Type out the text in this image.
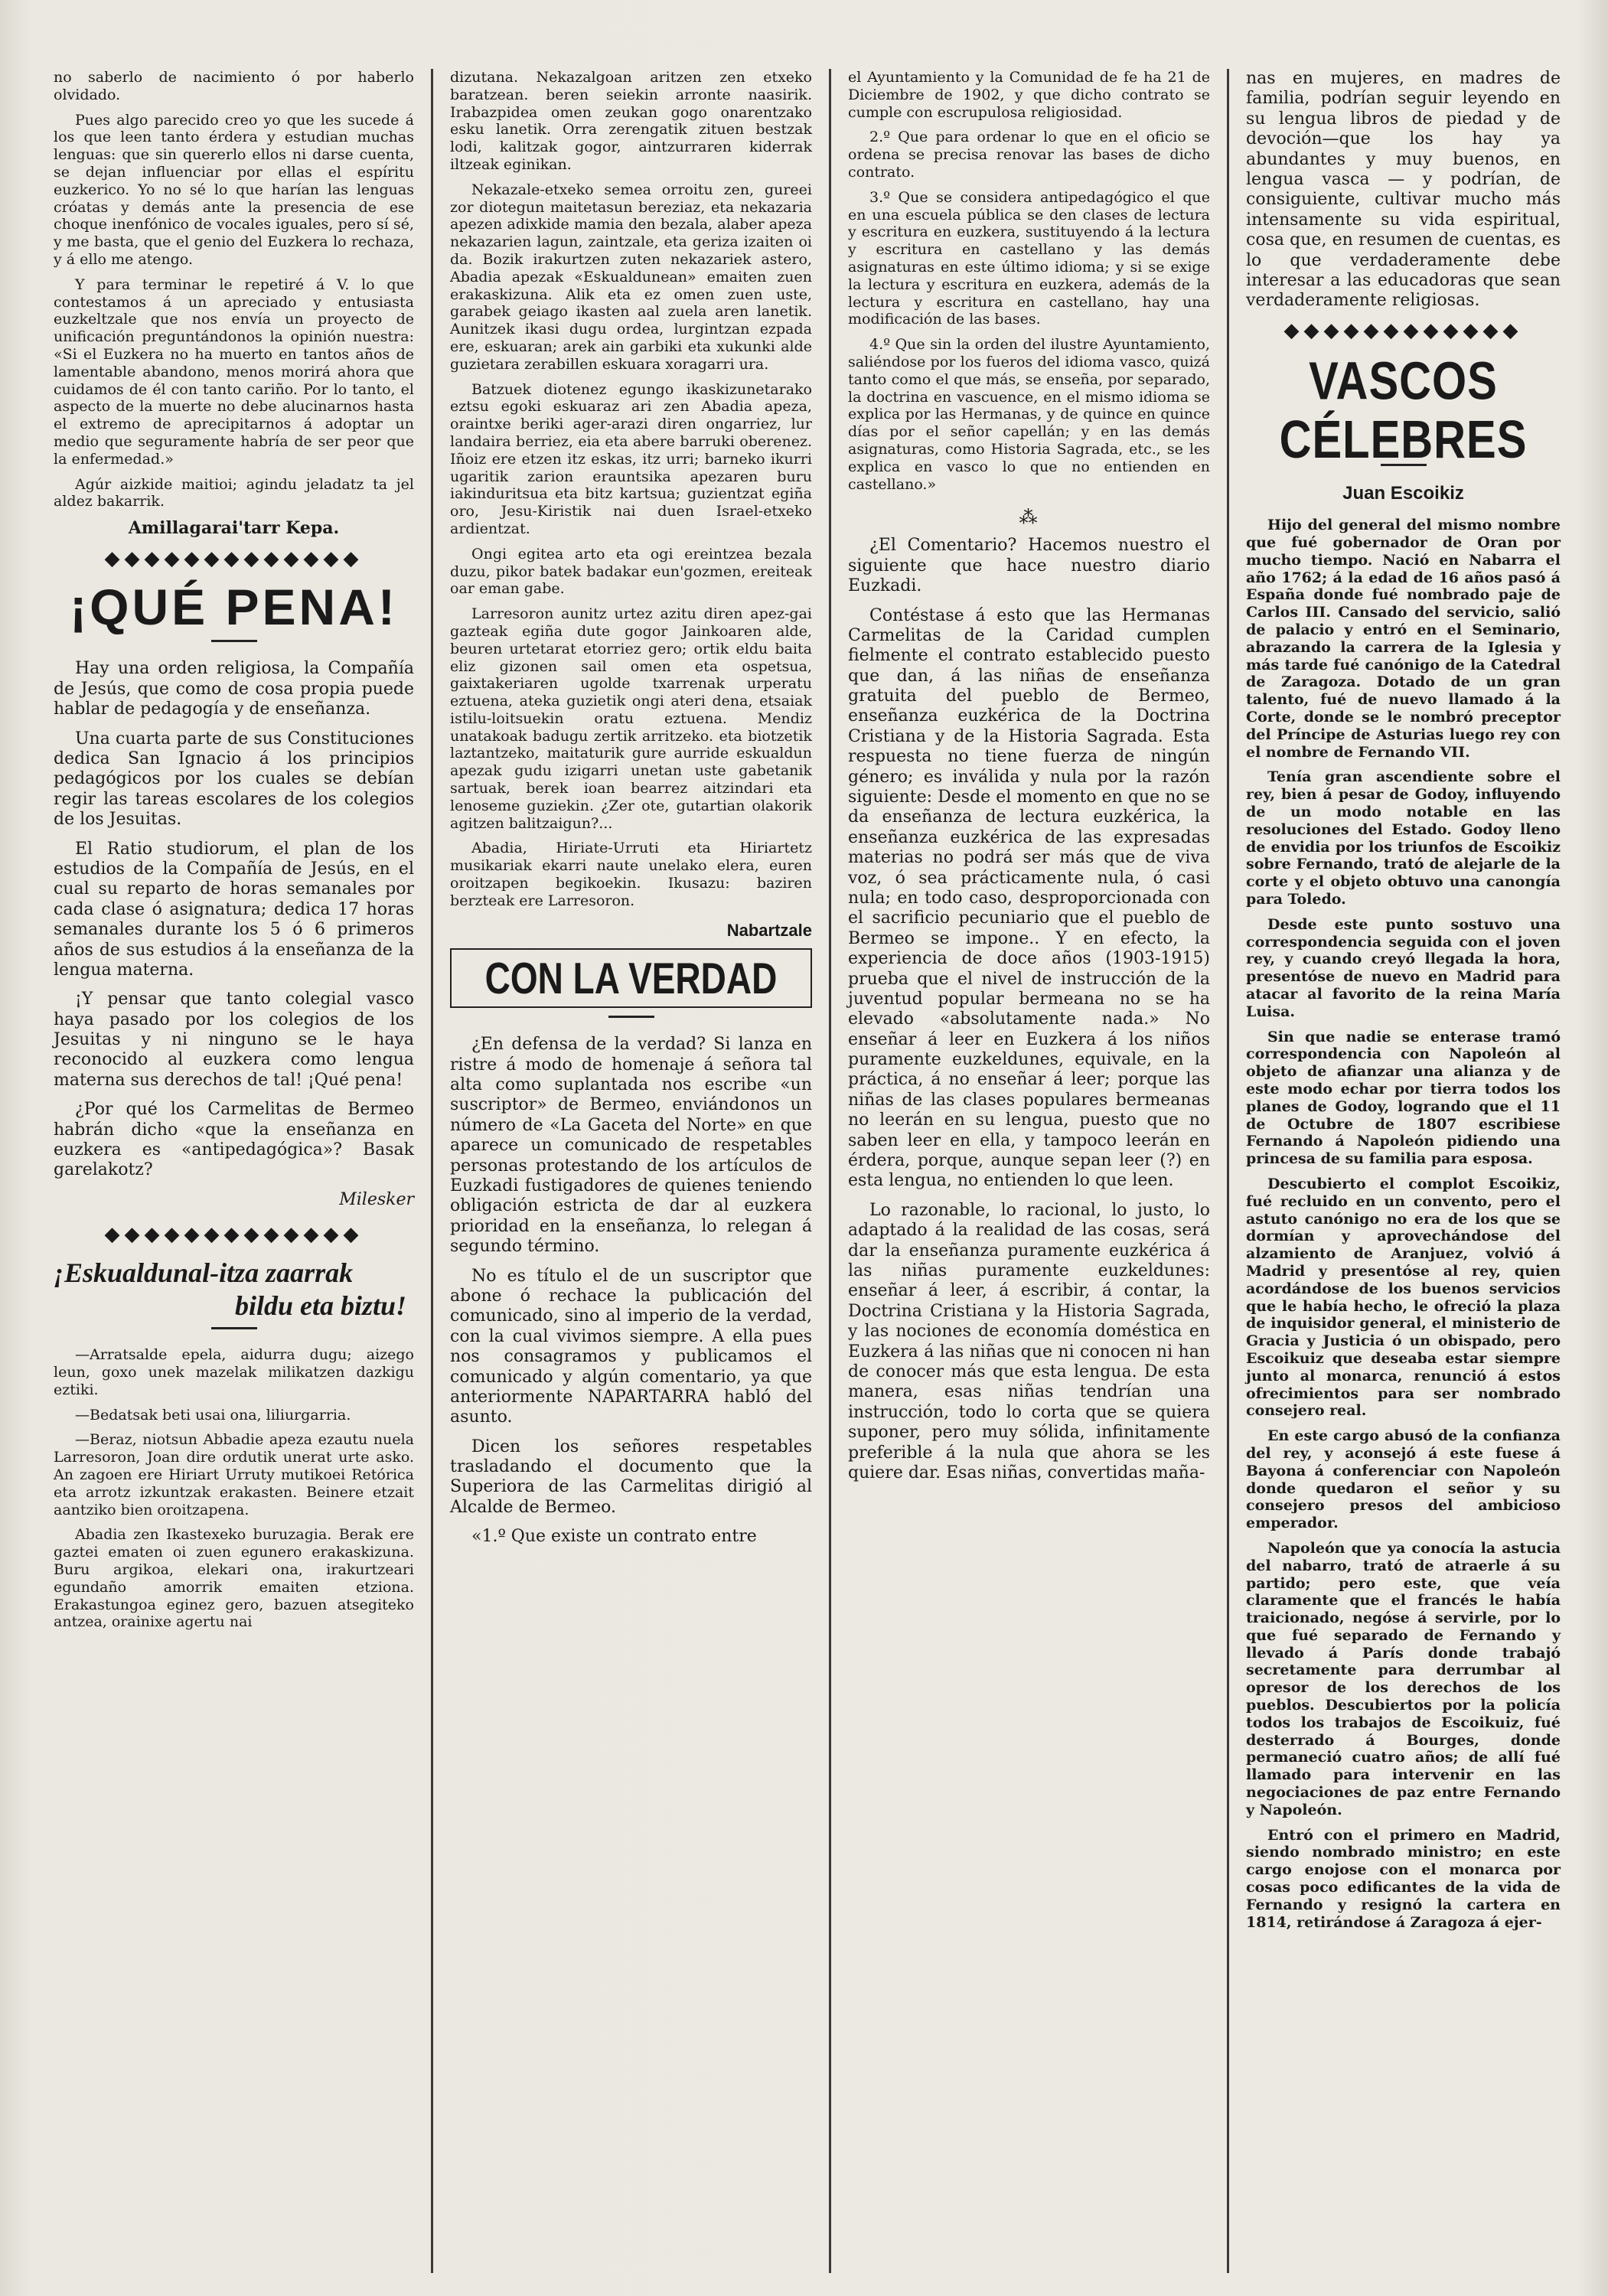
no saberlo de nacimiento ó por haberlo olvidado.

Pues algo parecido creo yo que les sucede á los que leen tanto érdera y estudian muchas lenguas: que sin quererlo ellos ni darse cuenta, se dejan influenciar por ellas el espíritu euzkerico. Yo no sé lo que harían las lenguas cróatas y demás ante la presencia de ese choque inenfónico de vocales iguales, pero sí sé, y me basta, que el genio del Euzkera lo rechaza, y á ello me atengo.

Y para terminar le repetiré á V. lo que contestamos á un apreciado y entusiasta euzkeltzale que nos envía un proyecto de unificación preguntándonos la opinión nuestra: «Si el Euzkera no ha muerto en tantos años de lamentable abandono, menos morirá ahora que cuidamos de él con tanto cariño. Por lo tanto, el aspecto de la muerte no debe alucinarnos hasta el extremo de aprecipitarnos á adoptar un medio que seguramente habría de ser peor que la enfermedad.»

Agúr aizkide maitioi; agindu jeladatz ta jel aldez bakarrik.

Amillagarai'tarr Kepa.
◆◆◆◆◆◆◆◆◆◆◆◆◆
¡QUÉ PENA!

Hay una orden religiosa, la Compañía de Jesús, que como de cosa propia puede hablar de pedagogía y de enseñanza.

Una cuarta parte de sus Constituciones dedica San Ignacio á los principios pedagógicos por los cuales se debían regir las tareas escolares de los colegios de los Jesuitas.

El Ratio studiorum, el plan de los estudios de la Compañía de Jesús, en el cual su reparto de horas semanales por cada clase ó asignatura; dedica 17 horas semanales durante los 5 ó 6 primeros años de sus estudios á la enseñanza de la lengua materna.

¡Y pensar que tanto colegial vasco haya pasado por los colegios de los Jesuitas y ni ninguno se le haya reconocido al euzkera como lengua materna sus derechos de tal! ¡Qué pena!

¿Por qué los Carmelitas de Bermeo habrán dicho «que la enseñanza en euzkera es «antipedagógica»? Basak garelakotz?

Milesker
◆◆◆◆◆◆◆◆◆◆◆◆◆
¡Eskualdunal-itza zaarrak
bildu eta biztu!

—Arratsalde epela, aidurra dugu; aizego leun, goxo unek mazelak milikatzen dazkigu eztiki.

—Bedatsak beti usai ona, liliurgarria.

—Beraz, niotsun Abbadie apeza ezautu nuela Larresoron, Joan dire ordutik unerat urte asko. An zagoen ere Hiriart Urruty mutikoei Retórica eta arrotz izkuntzak erakasten. Beinere etzait aantziko bien oroitzapena.

Abadia zen Ikastexeko buruzagia. Berak ere gaztei ematen oi zuen egunero erakaskizuna. Buru argikoa, elekari ona, irakurtzeari egundaño amorrik emaiten etziona. Erakastungoa eginez gero, bazuen atsegiteko antzea, orainixe agertu nai

dizutana. Nekazalgoan aritzen zen etxeko baratzean. beren seiekin arronte naasirik. Irabazpidea omen zeukan gogo onarentzako esku lanetik. Orra zerengatik zituen bestzak lodi, kalitzak gogor, aintzurraren kiderrak iltzeak eginikan.

Nekazale-etxeko semea orroitu zen, gureei zor diotegun maitetasun bereziaz, eta nekazaria apezen adixkide mamia den bezala, alaber apeza nekazarien lagun, zaintzale, eta geriza izaiten oi da. Bozik irakurtzen zuten nekazariek astero, Abadia apezak «Eskualdunean» emaiten zuen erakaskizuna. Alik eta ez omen zuen uste, garabek geiago ikasten aal zuela aren lanetik. Aunitzek ikasi dugu ordea, lurgintzan ezpada ere, eskuaran; arek ain garbiki eta xukunki alde guzietara zerabillen eskuara xoragarri ura.

Batzuek diotenez egungo ikaskizunetarako eztsu egoki eskuaraz ari zen Abadia apeza, oraintxe beriki ager-arazi diren ongarriez, lur landaira berriez, eia eta abere barruki oberenez. Iñoiz ere etzen itz eskas, itz urri; barneko ikurri ugaritik zarion erauntsika apezaren buru iakinduritsua eta bitz kartsua; guzientzat egiña oro, Jesu-Kiristik nai duen Israel-etxeko ardientzat.

Ongi egitea arto eta ogi ereintzea bezala duzu, pikor batek badakar eun'gozmen, ereiteak oar eman gabe.

Larresoron aunitz urtez azitu diren apez-gai gazteak egiña dute gogor Jainkoaren alde, beuren urtetarat etorriez gero; ortik eldu baita eliz gizonen sail omen eta ospetsua, gaixtakeriaren ugolde txarrenak urperatu eztuena, ateka guzietik ongi ateri dena, etsaiak istilu-loitsuekin oratu eztuena. Mendiz unatakoak badugu zertik arritzeko. eta biotzetik laztantzeko, maitaturik gure aurride eskualdun apezak gudu izigarri unetan uste gabetanik sartuak, berek ioan bearrez aitzindari eta lenoseme guziekin. ¿Zer ote, gutartian olakorik agitzen balitzaigun?...

Abadia, Hiriate-Urruti eta Hiriartetz musikariak ekarri naute unelako elera, euren oroitzapen begikoekin. Ikusazu: baziren berzteak ere Larresoron.

Nabartzale
CON LA VERDAD

¿En defensa de la verdad? Si lanza en ristre á modo de homenaje á señora tal alta como suplantada nos escribe «un suscriptor» de Bermeo, enviándonos un número de «La Gaceta del Norte» en que aparece un comunicado de respetables personas protestando de los artículos de Euzkadi fustigadores de quienes teniendo obligación estricta de dar al euzkera prioridad en la enseñanza, lo relegan á segundo término.

No es título el de un suscriptor que abone ó rechace la publicación del comunicado, sino al imperio de la verdad, con la cual vivimos siempre. A ella pues nos consagramos y publicamos el comunicado y algún comentario, ya que anteriormente NAPARTARRA habló del asunto.

Dicen los señores respetables trasladando el documento que la Superiora de las Carmelitas dirigió al Alcalde de Bermeo.

«1.º Que existe un contrato entre

el Ayuntamiento y la Comunidad de fe ha 21 de Diciembre de 1902, y que dicho contrato se cumple con escrupulosa religiosidad.

2.º Que para ordenar lo que en el oficio se ordena se precisa renovar las bases de dicho contrato.

3.º Que se considera antipedagógico el que en una escuela pública se den clases de lectura y escritura en euzkera, sustituyendo á la lectura y escritura en castellano y las demás asignaturas en este último idioma; y si se exige la lectura y escritura en euzkera, además de la lectura y escritura en castellano, hay una modificación de las bases.

4.º Que sin la orden del ilustre Ayuntamiento, saliéndose por los fueros del idioma vasco, quizá tanto como el que más, se enseña, por separado, la doctrina en vascuence, en el mismo idioma se explica por las Hermanas, y de quince en quince días por el señor capellán; y en las demás asignaturas, como Historia Sagrada, etc., se les explica en vasco lo que no entienden en castellano.»

⁂

¿El Comentario? Hacemos nuestro el siguiente que hace nuestro diario Euzkadi.

Contéstase á esto que las Hermanas Carmelitas de la Caridad cumplen fielmente el contrato establecido puesto que dan, á las niñas de enseñanza gratuita del pueblo de Bermeo, enseñanza euzkérica de la Doctrina Cristiana y de la Historia Sagrada. Esta respuesta no tiene fuerza de ningún género; es inválida y nula por la razón siguiente: Desde el momento en que no se da enseñanza de lectura euzkérica, la enseñanza euzkérica de las expresadas materias no podrá ser más que de viva voz, ó sea prácticamente nula, ó casi nula; en todo caso, desproporcionada con el sacrificio pecuniario que el pueblo de Bermeo se impone.. Y en efecto, la experiencia de doce años (1903-1915) prueba que el nivel de instrucción de la juventud popular bermeana no se ha elevado «absolutamente nada.» No enseñar á leer en Euzkera á los niños puramente euzkeldunes, equivale, en la práctica, á no enseñar á leer; porque las niñas de las clases populares bermeanas no leerán en su lengua, puesto que no saben leer en ella, y tampoco leerán en érdera, porque, aunque sepan leer (?) en esta lengua, no entienden lo que leen.

Lo razonable, lo racional, lo justo, lo adaptado á la realidad de las cosas, será dar la enseñanza puramente euzkérica á las niñas puramente euzkeldunes: enseñar á leer, á escribir, á contar, la Doctrina Cristiana y la Historia Sagrada, y las nociones de economía doméstica en Euzkera á las niñas que ni conocen ni han de conocer más que esta lengua. De esta manera, esas niñas tendrían una instrucción, todo lo corta que se quiera suponer, pero muy sólida, infinitamente preferible á la nula que ahora se les quiere dar. Esas niñas, convertidas maña-

nas en mujeres, en madres de familia, podrían seguir leyendo en su lengua libros de piedad y de devoción—que los hay ya abundantes y muy buenos, en lengua vasca — y podrían, de consiguiente, cultivar mucho más intensamente su vida espiritual, cosa que, en resumen de cuentas, es lo que verdaderamente debe interesar a las educadoras que sean verdaderamente religiosas.

◆◆◆◆◆◆◆◆◆◆◆◆
VASCOS CÉLEBRES
Juan Escoikiz

Hijo del general del mismo nombre que fué gobernador de Oran por mucho tiempo. Nació en Nabarra el año 1762; á la edad de 16 años pasó á España donde fué nombrado paje de Carlos III. Cansado del servicio, salió de palacio y entró en el Seminario, abrazando la carrera de la Iglesia y más tarde fué canónigo de la Catedral de Zaragoza. Dotado de un gran talento, fué de nuevo llamado á la Corte, donde se le nombró preceptor del Príncipe de Asturias luego rey con el nombre de Fernando VII.

Tenía gran ascendiente sobre el rey, bien á pesar de Godoy, influyendo de un modo notable en las resoluciones del Estado. Godoy lleno de envidia por los triunfos de Escoikiz sobre Fernando, trató de alejarle de la corte y el objeto obtuvo una canongía para Toledo.

Desde este punto sostuvo una correspondencia seguida con el joven rey, y cuando creyó llegada la hora, presentóse de nuevo en Madrid para atacar al favorito de la reina María Luisa.

Sin que nadie se enterase tramó correspondencia con Napoleón al objeto de afianzar una alianza y de este modo echar por tierra todos los planes de Godoy, logrando que el 11 de Octubre de 1807 escribiese Fernando á Napoleón pidiendo una princesa de su familia para esposa.

Descubierto el complot Escoikiz, fué recluido en un convento, pero el astuto canónigo no era de los que se dormían y aprovechándose del alzamiento de Aranjuez, volvió á Madrid y presentóse al rey, quien acordándose de los buenos servicios que le había hecho, le ofreció la plaza de inquisidor general, el ministerio de Gracia y Justicia ó un obispado, pero Escoikuiz que deseaba estar siempre junto al monarca, renunció á estos ofrecimientos para ser nombrado consejero real.

En este cargo abusó de la confianza del rey, y aconsejó á este fuese á Bayona á conferenciar con Napoleón donde quedaron el señor y su consejero presos del ambicioso emperador.

Napoleón que ya conocía la astucia del nabarro, trató de atraerle á su partido; pero este, que veía claramente que el francés le había traicionado, negóse á servirle, por lo que fué separado de Fernando y llevado á París donde trabajó secretamente para derrumbar al opresor de los derechos de los pueblos. Descubiertos por la policía todos los trabajos de Escoikuiz, fué desterrado á Bourges, donde permaneció cuatro años; de allí fué llamado para intervenir en las negociaciones de paz entre Fernando y Napoleón.

Entró con el primero en Madrid, siendo nombrado ministro; en este cargo enojose con el monarca por cosas poco edificantes de la vida de Fernando y resignó la cartera en 1814, retirándose á Zaragoza á ejer-
